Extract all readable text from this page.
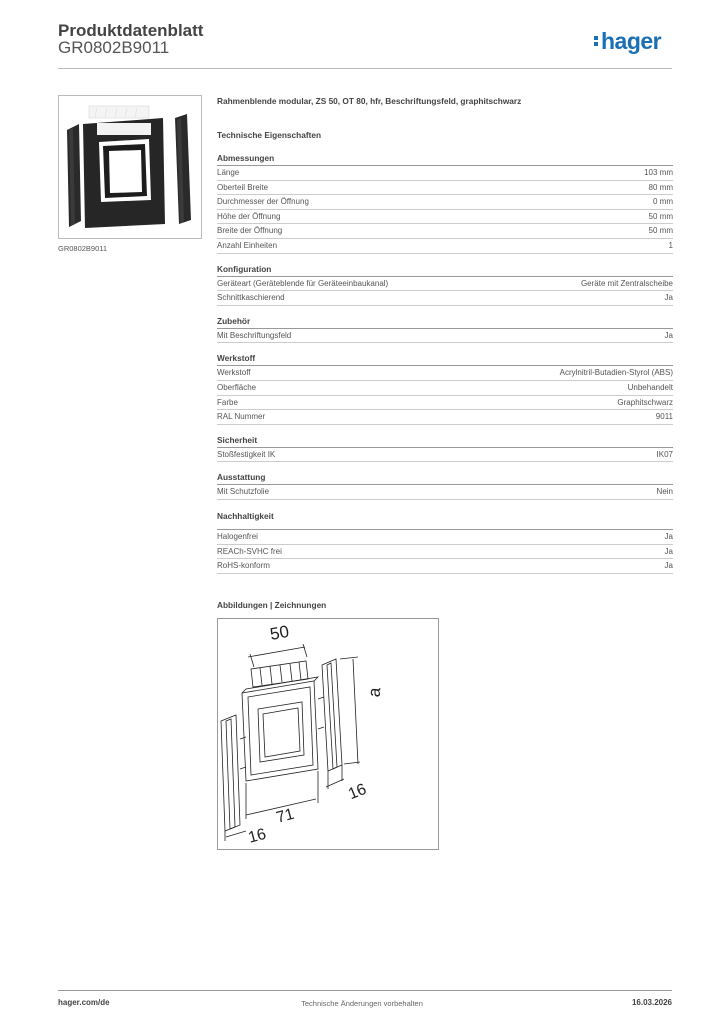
Produktdatenblatt
GR0802B9011	hager
GR0802B9011
Rahmenblende modular, ZS 50, OT 80, hfr, Beschriftungsfeld, graphitschwarz
Technische Eigenschaften
Abmessungen
Länge	103 mm
Oberteil Breite	80 mm
Durchmesser der Öffnung	0 mm
Höhe der Öffnung	50 mm
Breite der Öffnung	50 mm
Anzahl Einheiten	1
Konfiguration
Geräteart (Geräteblende für Geräteeinbaukanal)	Geräte mit Zentralscheibe
Schnittkaschierend	Ja
Zubehör
Mit Beschriftungsfeld	Ja
Werkstoff
Werkstoff	Acrylnitril-Butadien-Styrol (ABS)
Oberfläche	Unbehandelt
Farbe	Graphitschwarz
RAL Nummer	9011
Sicherheit
Stoßfestigkeit IK	IK07
Ausstattung
Mit Schutzfolie	Nein
Nachhaltigkeit
Halogenfrei	Ja
REACh-SVHC frei	Ja
RoHS-konform	Ja
Abbildungen | Zeichnungen
50
a
16
71
16
hager.com/de	Technische Änderungen vorbehalten	16.03.2026
